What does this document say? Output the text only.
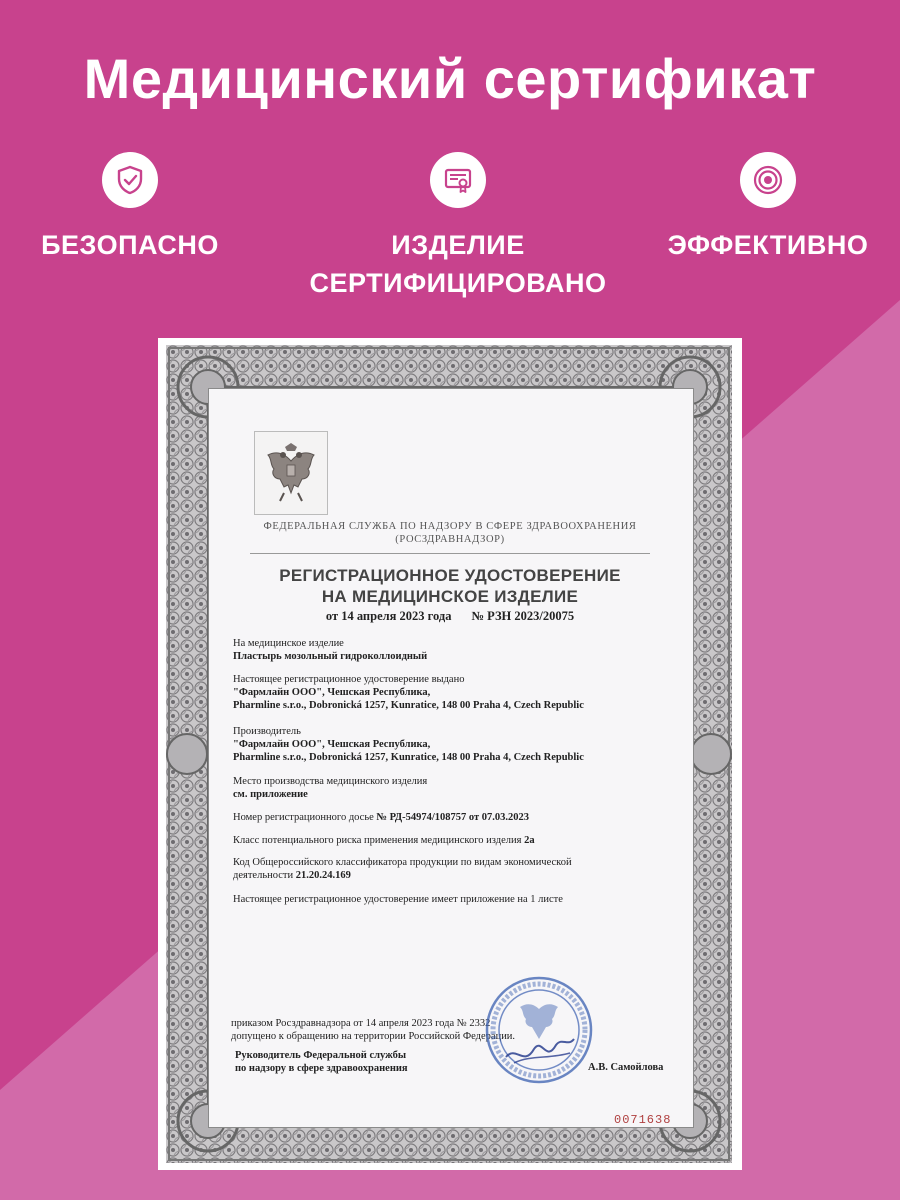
Медицинский сертификат
БЕЗОПАСНО	ИЗДЕЛИЕ
СЕРТИФИЦИРОВАНО
ЭФФЕКТИВНО
ФЕДЕРАЛЬНАЯ СЛУЖБА ПО НАДЗОРУ В СФЕРЕ ЗДРАВООХРАНЕНИЯ
(РОСЗДРАВНАДЗОР)
РЕГИСТРАЦИОННОЕ УДОСТОВЕРЕНИЕ
НА МЕДИЦИНСКОЕ ИЗДЕЛИЕ
от 14 апреля 2023 года № РЗН 2023/20075
На медицинское изделие
Пластырь мозольный гидроколлоидный
Настоящее регистрационное удостоверение выдано
"Фармлайн ООО", Чешская Республика,
Pharmline s.r.o., Dobronická 1257, Kunratice, 148 00 Praha 4, Czech Republic
Производитель
"Фармлайн ООО", Чешская Республика,
Pharmline s.r.o., Dobronická 1257, Kunratice, 148 00 Praha 4, Czech Republic
Место производства медицинского изделия
см. приложение
Номер регистрационного досье № РД-54974/108757 от 07.03.2023
Класс потенциального риска применения медицинского изделия 2а
Код Общероссийского классификатора продукции по видам экономической
деятельности 21.20.24.169
Настоящее регистрационное удостоверение имеет приложение на 1 листе
приказом Росздравнадзора от 14 апреля 2023 года № 2332
допущено к обращению на территории Российской Федерации.
Руководитель Федеральной службы
по надзору в сфере здравоохранения	А.В. Самойлова
0071638
